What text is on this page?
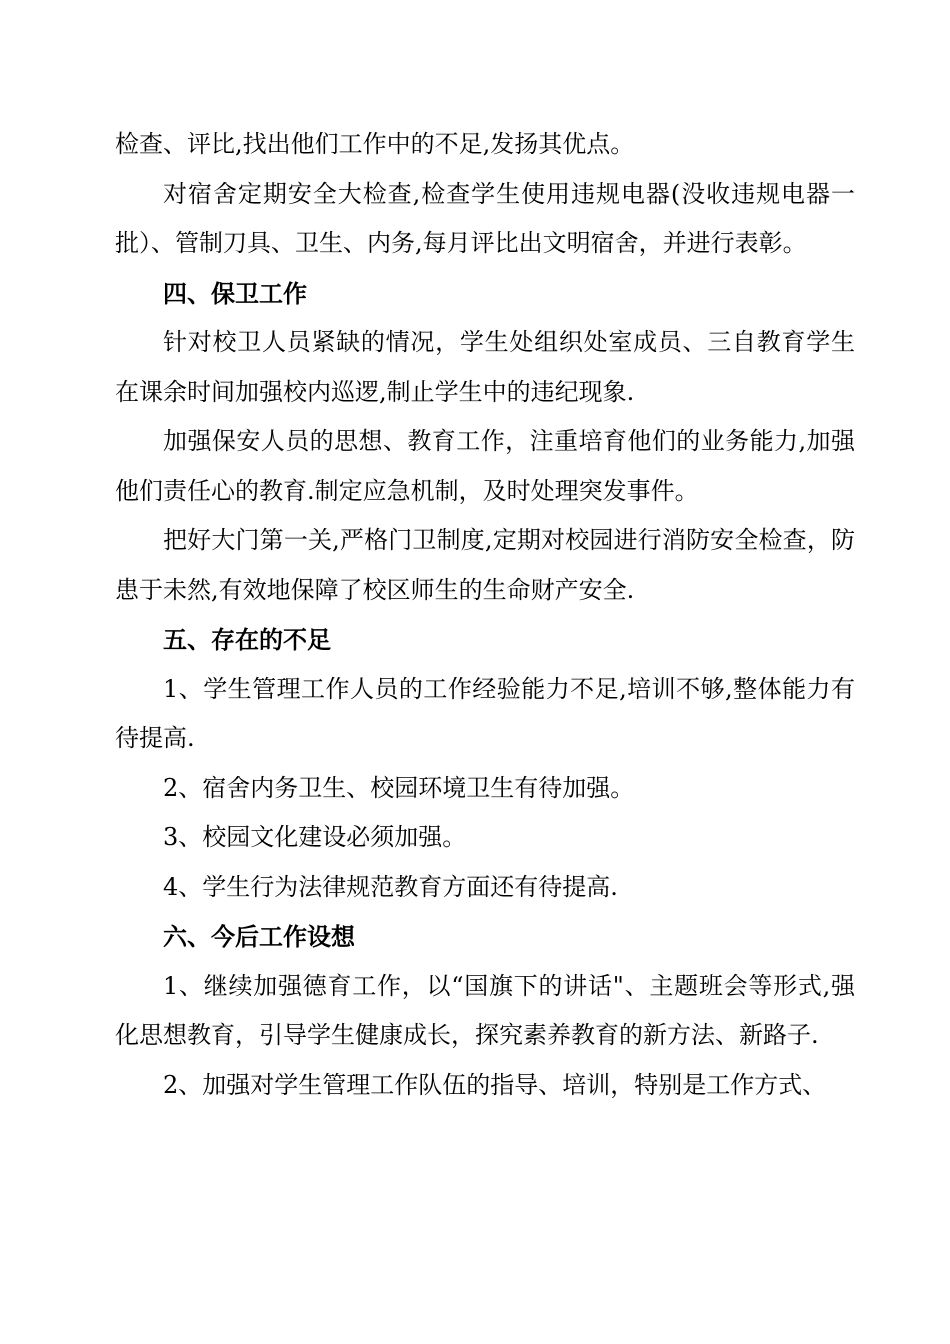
检查、评比,找出他们工作中的不足,发扬其优点。

对宿舍定期安全大检查,检查学生使用违规电器(没收违规电器一批）、管制刀具、卫生、内务,每月评比出文明宿舍，并进行表彰。

四、保卫工作

针对校卫人员紧缺的情况，学生处组织处室成员、三自教育学生在课余时间加强校内巡逻,制止学生中的违纪现象.

加强保安人员的思想、教育工作，注重培育他们的业务能力,加强他们责任心的教育.制定应急机制，及时处理突发事件。

把好大门第一关,严格门卫制度,定期对校园进行消防安全检查，防患于未然,有效地保障了校区师生的生命财产安全.

五、存在的不足

1、学生管理工作人员的工作经验能力不足,培训不够,整体能力有待提高.

2、宿舍内务卫生、校园环境卫生有待加强。

3、校园文化建设必须加强。

4、学生行为法律规范教育方面还有待提高.

六、今后工作设想

1、继续加强德育工作，以“国旗下的讲话"、主题班会等形式,强化思想教育，引导学生健康成长，探究素养教育的新方法、新路子.

2、加强对学生管理工作队伍的指导、培训，特别是工作方式、
